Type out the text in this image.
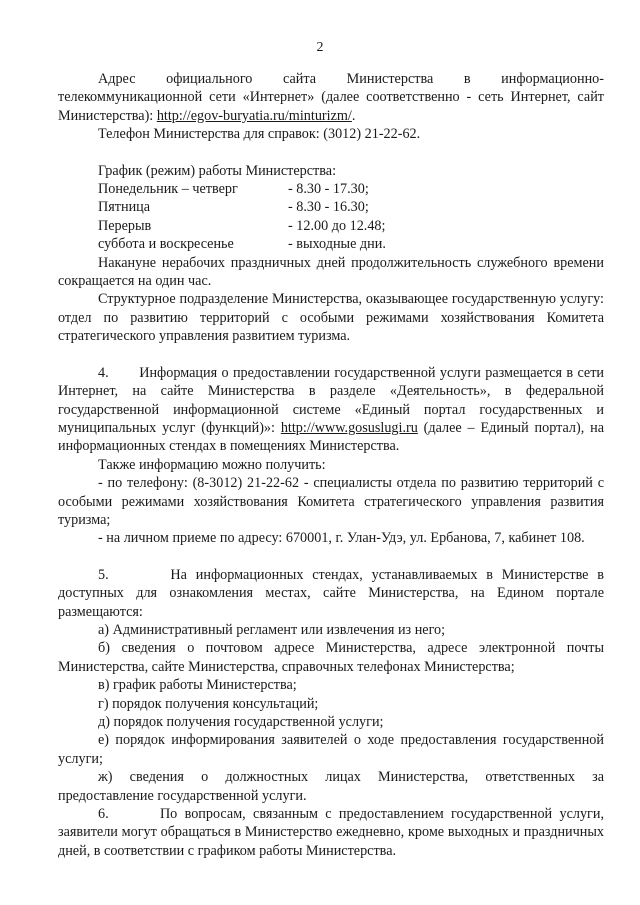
2

Адрес официального сайта Министерства в информационно-телекоммуникационной сети «Интернет» (далее соответственно - сеть Интернет, сайт Министерства): http://egov-buryatia.ru/minturizm/.

Телефон Министерства для справок: (3012) 21-22-62.

График (режим) работы Министерства:
Понедельник – четверг	- 8.30 - 17.30;
Пятница	- 8.30 - 16.30;
Перерыв	- 12.00 до 12.48;
суббота и воскресенье	- выходные дни.

Накануне нерабочих праздничных дней продолжительность служебного времени сокращается на один час.

Структурное подразделение Министерства, оказывающее государственную услугу: отдел по развитию территорий с особыми режимами хозяйствования Комитета стратегического управления развитием туризма.

4. Информация о предоставлении государственной услуги размещается в сети Интернет, на сайте Министерства в разделе «Деятельность», в федеральной государственной информационной системе «Единый портал государственных и муниципальных услуг (функций)»: http://www.gosuslugi.ru (далее – Единый портал), на информационных стендах в помещениях Министерства.

Также информацию можно получить:

- по телефону: (8-3012) 21-22-62 - специалисты отдела по развитию территорий с особыми режимами хозяйствования Комитета стратегического управления развития туризма;

- на личном приеме по адресу: 670001, г. Улан-Удэ, ул. Ербанова, 7, кабинет 108.

5.	На информационных стендах, устанавливаемых в Министерстве в доступных для ознакомления местах, сайте Министерства, на Едином портале размещаются:

а) Административный регламент или извлечения из него;

б) сведения о почтовом адресе Министерства, адресе электронной почты Министерства, сайте Министерства, справочных телефонах Министерства;

в) график работы Министерства;

г) порядок получения консультаций;

д) порядок получения государственной услуги;

е) порядок информирования заявителей о ходе предоставления государственной услуги;

ж) сведения о должностных лицах Министерства, ответственных за предоставление государственной услуги.

6.	По вопросам, связанным с предоставлением государственной услуги, заявители могут обращаться в Министерство ежедневно, кроме выходных и праздничных дней, в соответствии с графиком работы Министерства.
